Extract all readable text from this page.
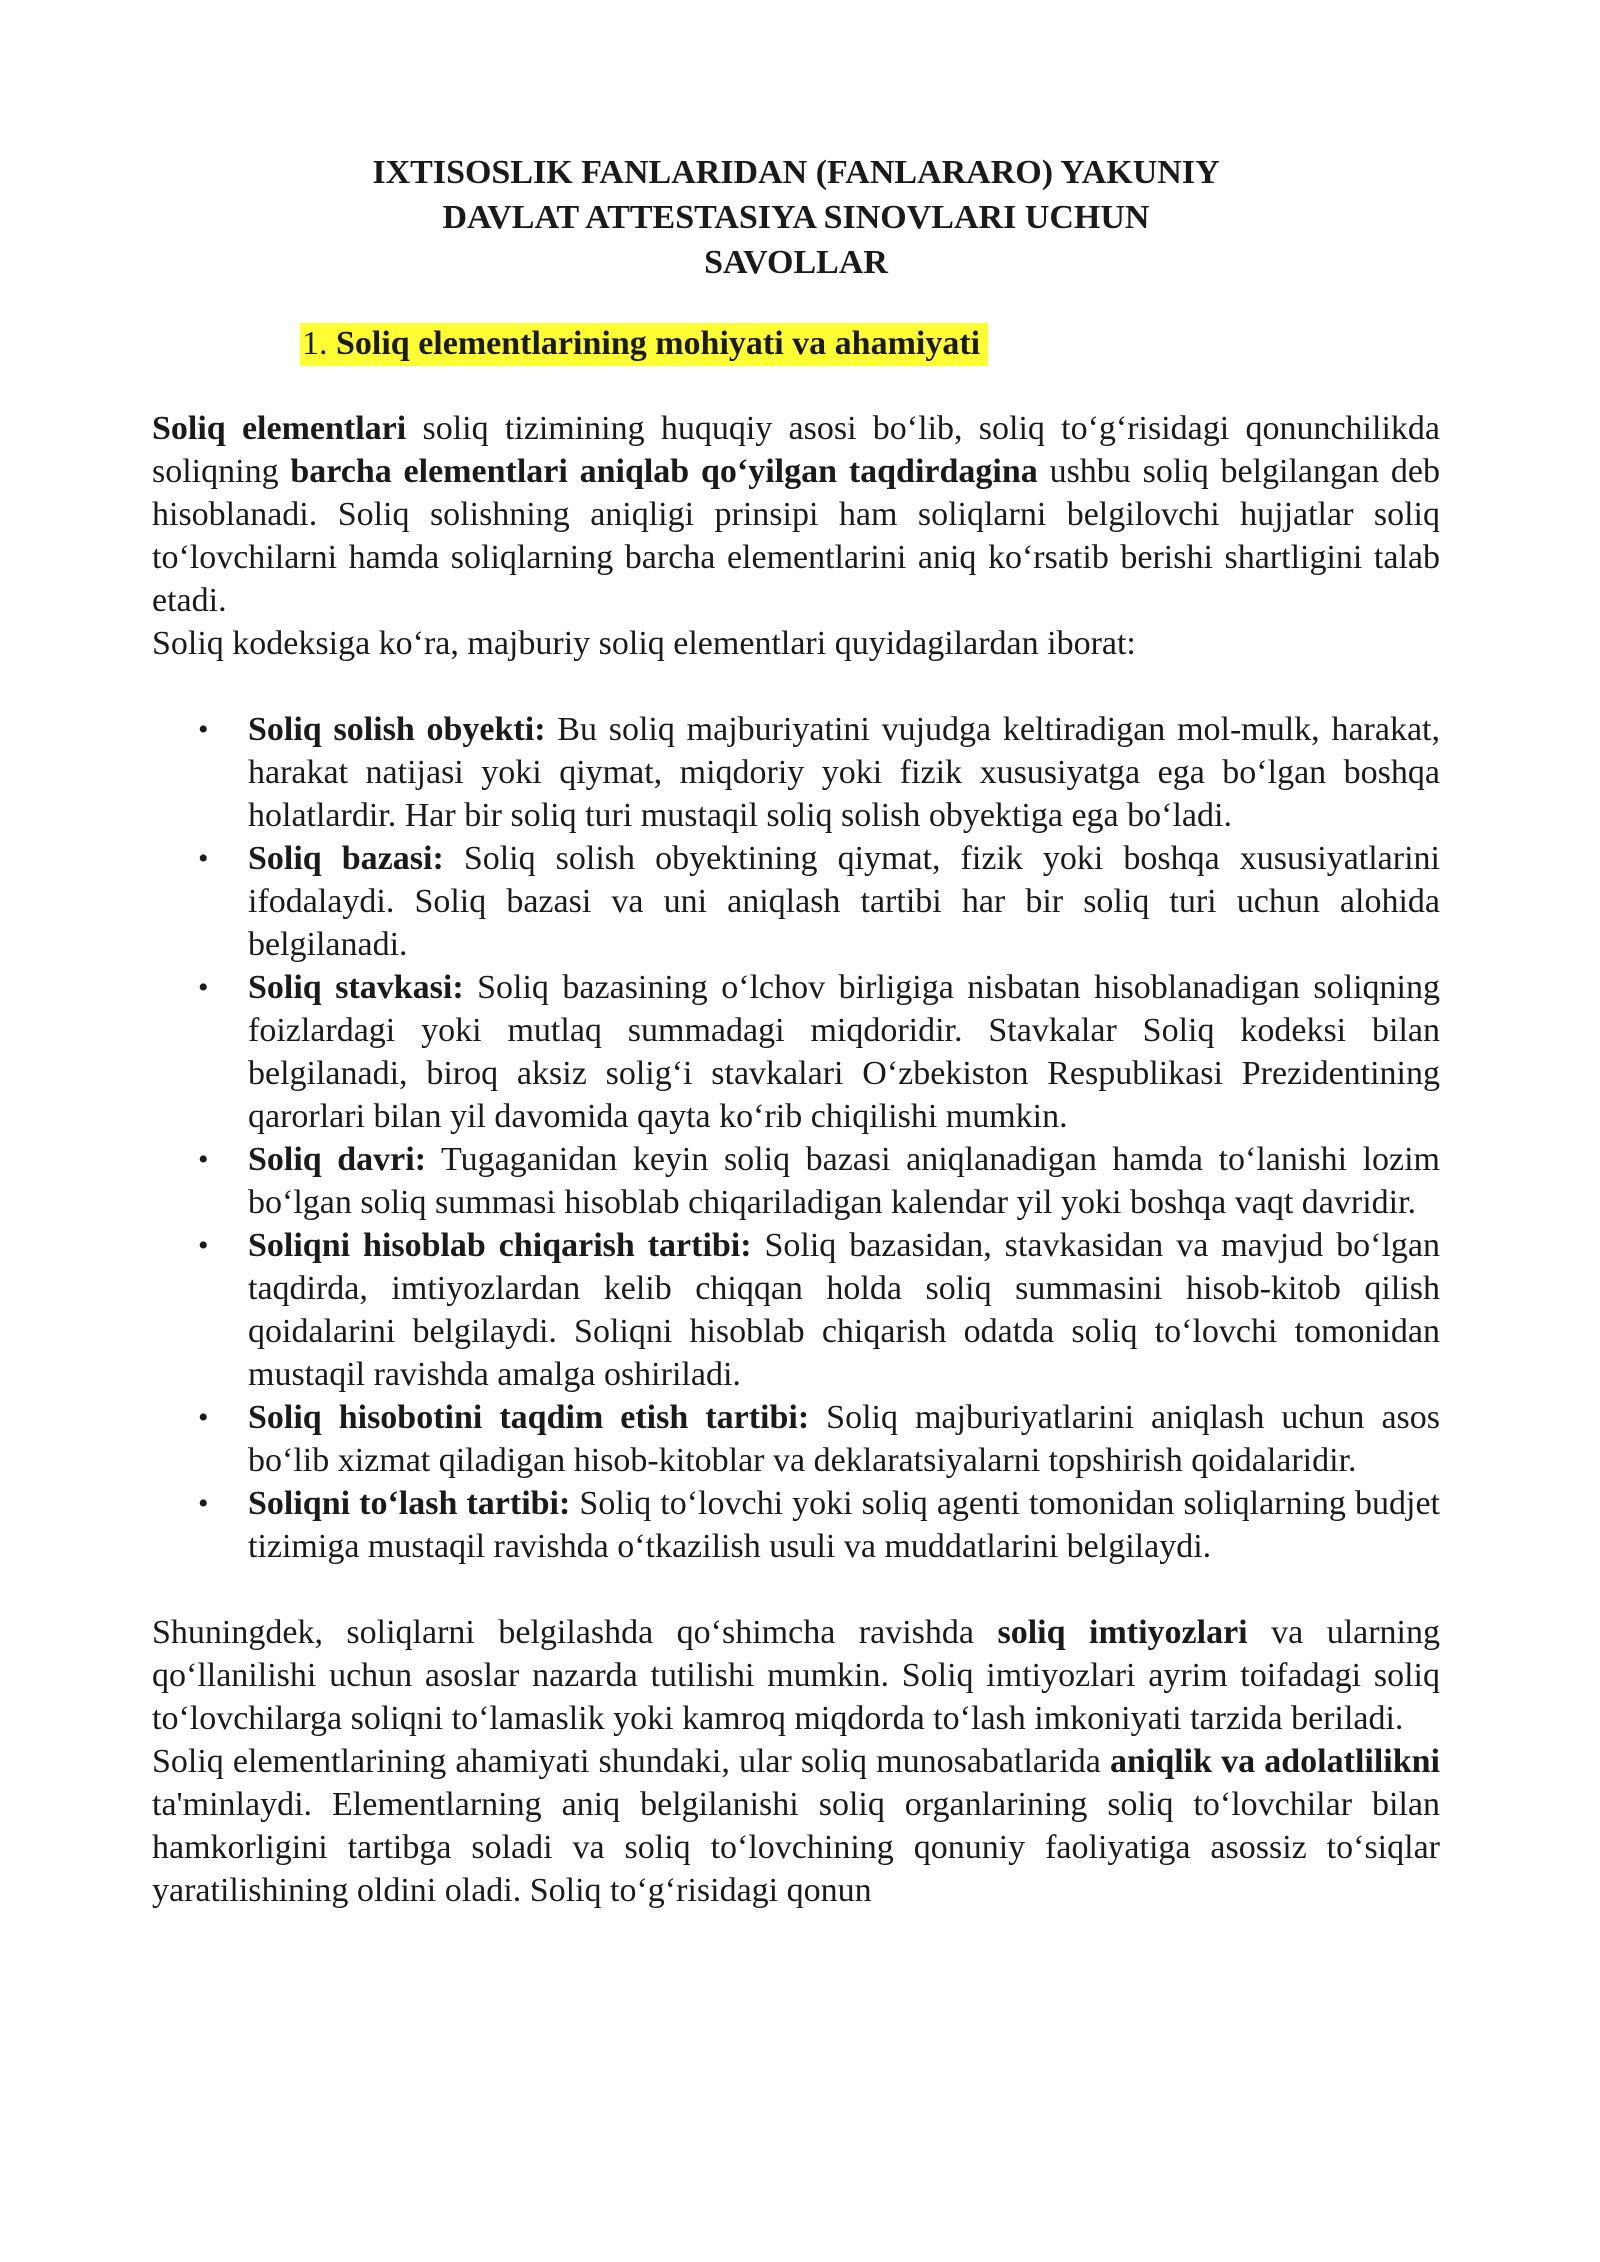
IXTISOSLIK FANLARIDAN (FANLARARO) YAKUNIY
DAVLAT ATTESTASIYA SINOVLARI UCHUN
SAVOLLAR
1. Soliq elementlarining mohiyati va ahamiyati

Soliq elementlari soliq tizimining huquqiy asosi bo‘lib, soliq to‘g‘risidagi qonunchilikda soliqning barcha elementlari aniqlab qo‘yilgan taqdirdagina ushbu soliq belgilangan deb hisoblanadi. Soliq solishning aniqligi prinsipi ham soliqlarni belgilovchi hujjatlar soliq to‘lovchilarni hamda soliqlarning barcha elementlarini aniq ko‘rsatib berishi shartligini talab etadi.

Soliq kodeksiga ko‘ra, majburiy soliq elementlari quyidagilardan iborat:

• Soliq solish obyekti: Bu soliq majburiyatini vujudga keltiradigan mol-mulk, harakat, harakat natijasi yoki qiymat, miqdoriy yoki fizik xususiyatga ega bo‘lgan boshqa holatlardir. Har bir soliq turi mustaqil soliq solish obyektiga ega bo‘ladi.
• Soliq bazasi: Soliq solish obyektining qiymat, fizik yoki boshqa xususiyatlarini ifodalaydi. Soliq bazasi va uni aniqlash tartibi har bir soliq turi uchun alohida belgilanadi.
• Soliq stavkasi: Soliq bazasining o‘lchov birligiga nisbatan hisoblanadigan soliqning foizlardagi yoki mutlaq summadagi miqdoridir. Stavkalar Soliq kodeksi bilan belgilanadi, biroq aksiz solig‘i stavkalari O‘zbekiston Respublikasi Prezidentining qarorlari bilan yil davomida qayta ko‘rib chiqilishi mumkin.
• Soliq davri: Tugaganidan keyin soliq bazasi aniqlanadigan hamda to‘lanishi lozim bo‘lgan soliq summasi hisoblab chiqariladigan kalendar yil yoki boshqa vaqt davridir.
• Soliqni hisoblab chiqarish tartibi: Soliq bazasidan, stavkasidan va mavjud bo‘lgan taqdirda, imtiyozlardan kelib chiqqan holda soliq summasini hisob-kitob qilish qoidalarini belgilaydi. Soliqni hisoblab chiqarish odatda soliq to‘lovchi tomonidan mustaqil ravishda amalga oshiriladi.
• Soliq hisobotini taqdim etish tartibi: Soliq majburiyatlarini aniqlash uchun asos bo‘lib xizmat qiladigan hisob-kitoblar va deklaratsiyalarni topshirish qoidalaridir.
• Soliqni to‘lash tartibi: Soliq to‘lovchi yoki soliq agenti tomonidan soliqlarning budjet tizimiga mustaqil ravishda o‘tkazilish usuli va muddatlarini belgilaydi.

Shuningdek, soliqlarni belgilashda qo‘shimcha ravishda soliq imtiyozlari va ularning qo‘llanilishi uchun asoslar nazarda tutilishi mumkin. Soliq imtiyozlari ayrim toifadagi soliq to‘lovchilarga soliqni to‘lamaslik yoki kamroq miqdorda to‘lash imkoniyati tarzida beriladi.

Soliq elementlarining ahamiyati shundaki, ular soliq munosabatlarida aniqlik va adolatlilikni ta'minlaydi. Elementlarning aniq belgilanishi soliq organlarining soliq to‘lovchilar bilan hamkorligini tartibga soladi va soliq to‘lovchining qonuniy faoliyatiga asossiz to‘siqlar yaratilishining oldini oladi. Soliq to‘g‘risidagi qonun
